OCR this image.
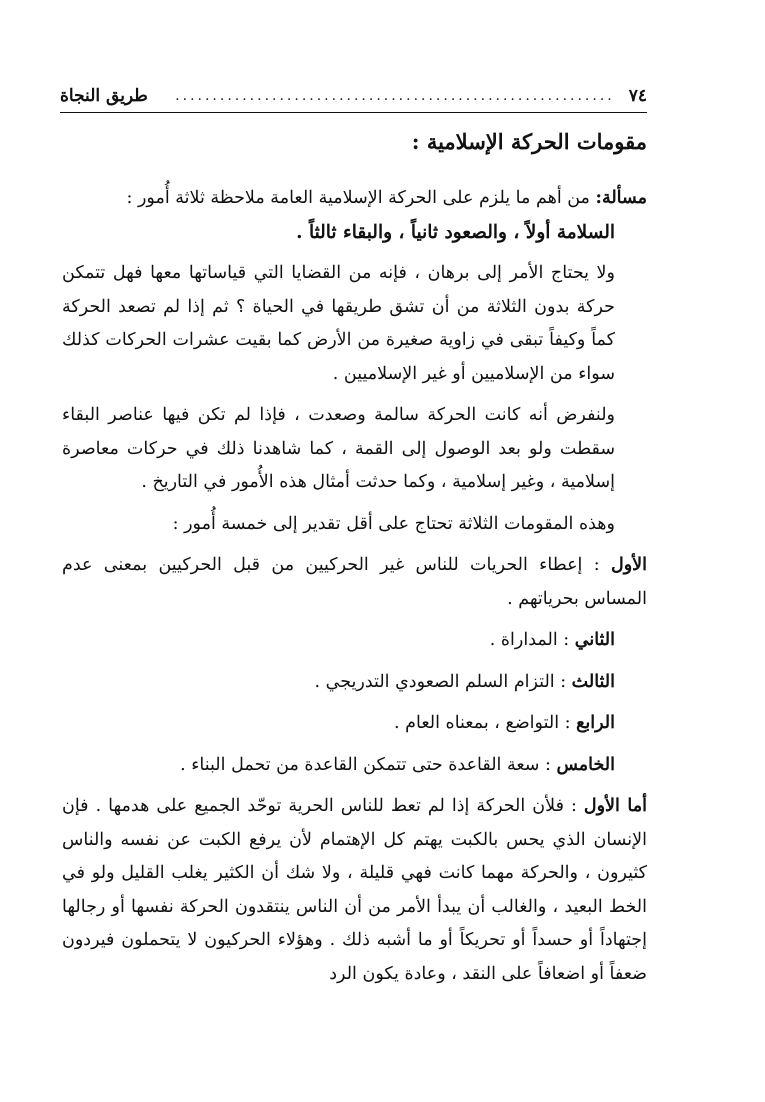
٧٤
...........................................................
طريق النجاة

مقومات الحركة الإسلامية :

مسألة: من أهم ما يلزم على الحركة الإسلامية العامة ملاحظة ثلاثة أُمور :

السلامة أولاً ، والصعود ثانياً ، والبقاء ثالثاً .

ولا يحتاج الأمر إلى برهان ، فإنه من القضايا التي قياساتها معها فهل تتمكن حركة بدون الثلاثة من أن تشق طريقها في الحياة ؟ ثم إذا لم تصعد الحركة كماً وكيفاً تبقى في زاوية صغيرة من الأرض كما بقيت عشرات الحركات كذلك سواء من الإسلاميين أو غير الإسلاميين .

ولنفرض أنه كانت الحركة سالمة وصعدت ، فإذا لم تكن فيها عناصر البقاء سقطت ولو بعد الوصول إلى القمة ، كما شاهدنا ذلك في حركات معاصرة إسلامية ، وغير إسلامية ، وكما حدثت أمثال هذه الأُمور في التاريخ .

وهذه المقومات الثلاثة تحتاج على أقل تقدير إلى خمسة أُمور :

الأول : إعطاء الحريات للناس غير الحركيين من قبل الحركيين بمعنى عدم المساس بحرياتهم .

الثاني : المداراة .

الثالث : التزام السلم الصعودي التدريجي .

الرابع : التواضع ، بمعناه العام .

الخامس : سعة القاعدة حتى تتمكن القاعدة من تحمل البناء .

أما الأول : فلأن الحركة إذا لم تعط للناس الحرية توحّد الجميع على هدمها . فإن الإنسان الذي يحس بالكبت يهتم كل الإهتمام لأن يرفع الكبت عن نفسه والناس كثيرون ، والحركة مهما كانت فهي قليلة ، ولا شك أن الكثير يغلب القليل ولو في الخط البعيد ، والغالب أن يبدأ الأمر من أن الناس ينتقدون الحركة نفسها أو رجالها إجتهاداً أو حسداً أو تحريكاً أو ما أشبه ذلك . وهؤلاء الحركيون لا يتحملون فيردون ضعفاً أو اضعافاً على النقد ، وعادة يكون الرد
